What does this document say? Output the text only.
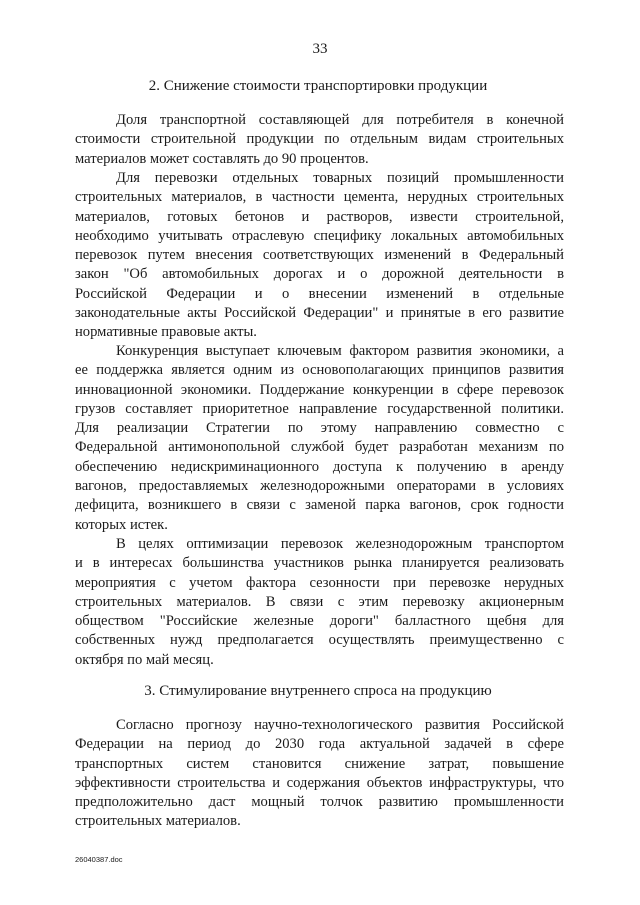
33
2. Снижение стоимости транспортировки продукции
Доля транспортной составляющей для потребителя в конечной
стоимости строительной продукции по отдельным видам строительных
материалов может составлять до 90 процентов.
Для перевозки отдельных товарных позиций промышленности
строительных материалов, в частности цемента, нерудных строительных
материалов, готовых бетонов и растворов, извести строительной,
необходимо учитывать отраслевую специфику локальных автомобильных
перевозок путем внесения соответствующих изменений в Федеральный
закон "Об автомобильных дорогах и о дорожной деятельности в
Российской Федерации и о внесении изменений в отдельные
законодательные акты Российской Федерации" и принятые в его развитие
нормативные правовые акты.
Конкуренция выступает ключевым фактором развития экономики, а
ее поддержка является одним из основополагающих принципов развития
инновационной экономики. Поддержание конкуренции в сфере перевозок
грузов составляет приоритетное направление государственной политики.
Для реализации Стратегии по этому направлению совместно с
Федеральной антимонопольной службой будет разработан механизм по
обеспечению недискриминационного доступа к получению в аренду
вагонов, предоставляемых железнодорожными операторами в условиях
дефицита, возникшего в связи с заменой парка вагонов, срок годности
которых истек.
В целях оптимизации перевозок железнодорожным транспортом
и в интересах большинства участников рынка планируется реализовать
мероприятия с учетом фактора сезонности при перевозке нерудных
строительных материалов. В связи с этим перевозку акционерным
обществом "Российские железные дороги" балластного щебня для
собственных нужд предполагается осуществлять преимущественно с
октября по май месяц.
3. Стимулирование внутреннего спроса на продукцию
Согласно прогнозу научно-технологического развития Российской
Федерации на период до 2030 года актуальной задачей в сфере
транспортных систем становится снижение затрат, повышение
эффективности строительства и содержания объектов инфраструктуры, что
предположительно даст мощный толчок развитию промышленности
строительных материалов.
26040387.doc
